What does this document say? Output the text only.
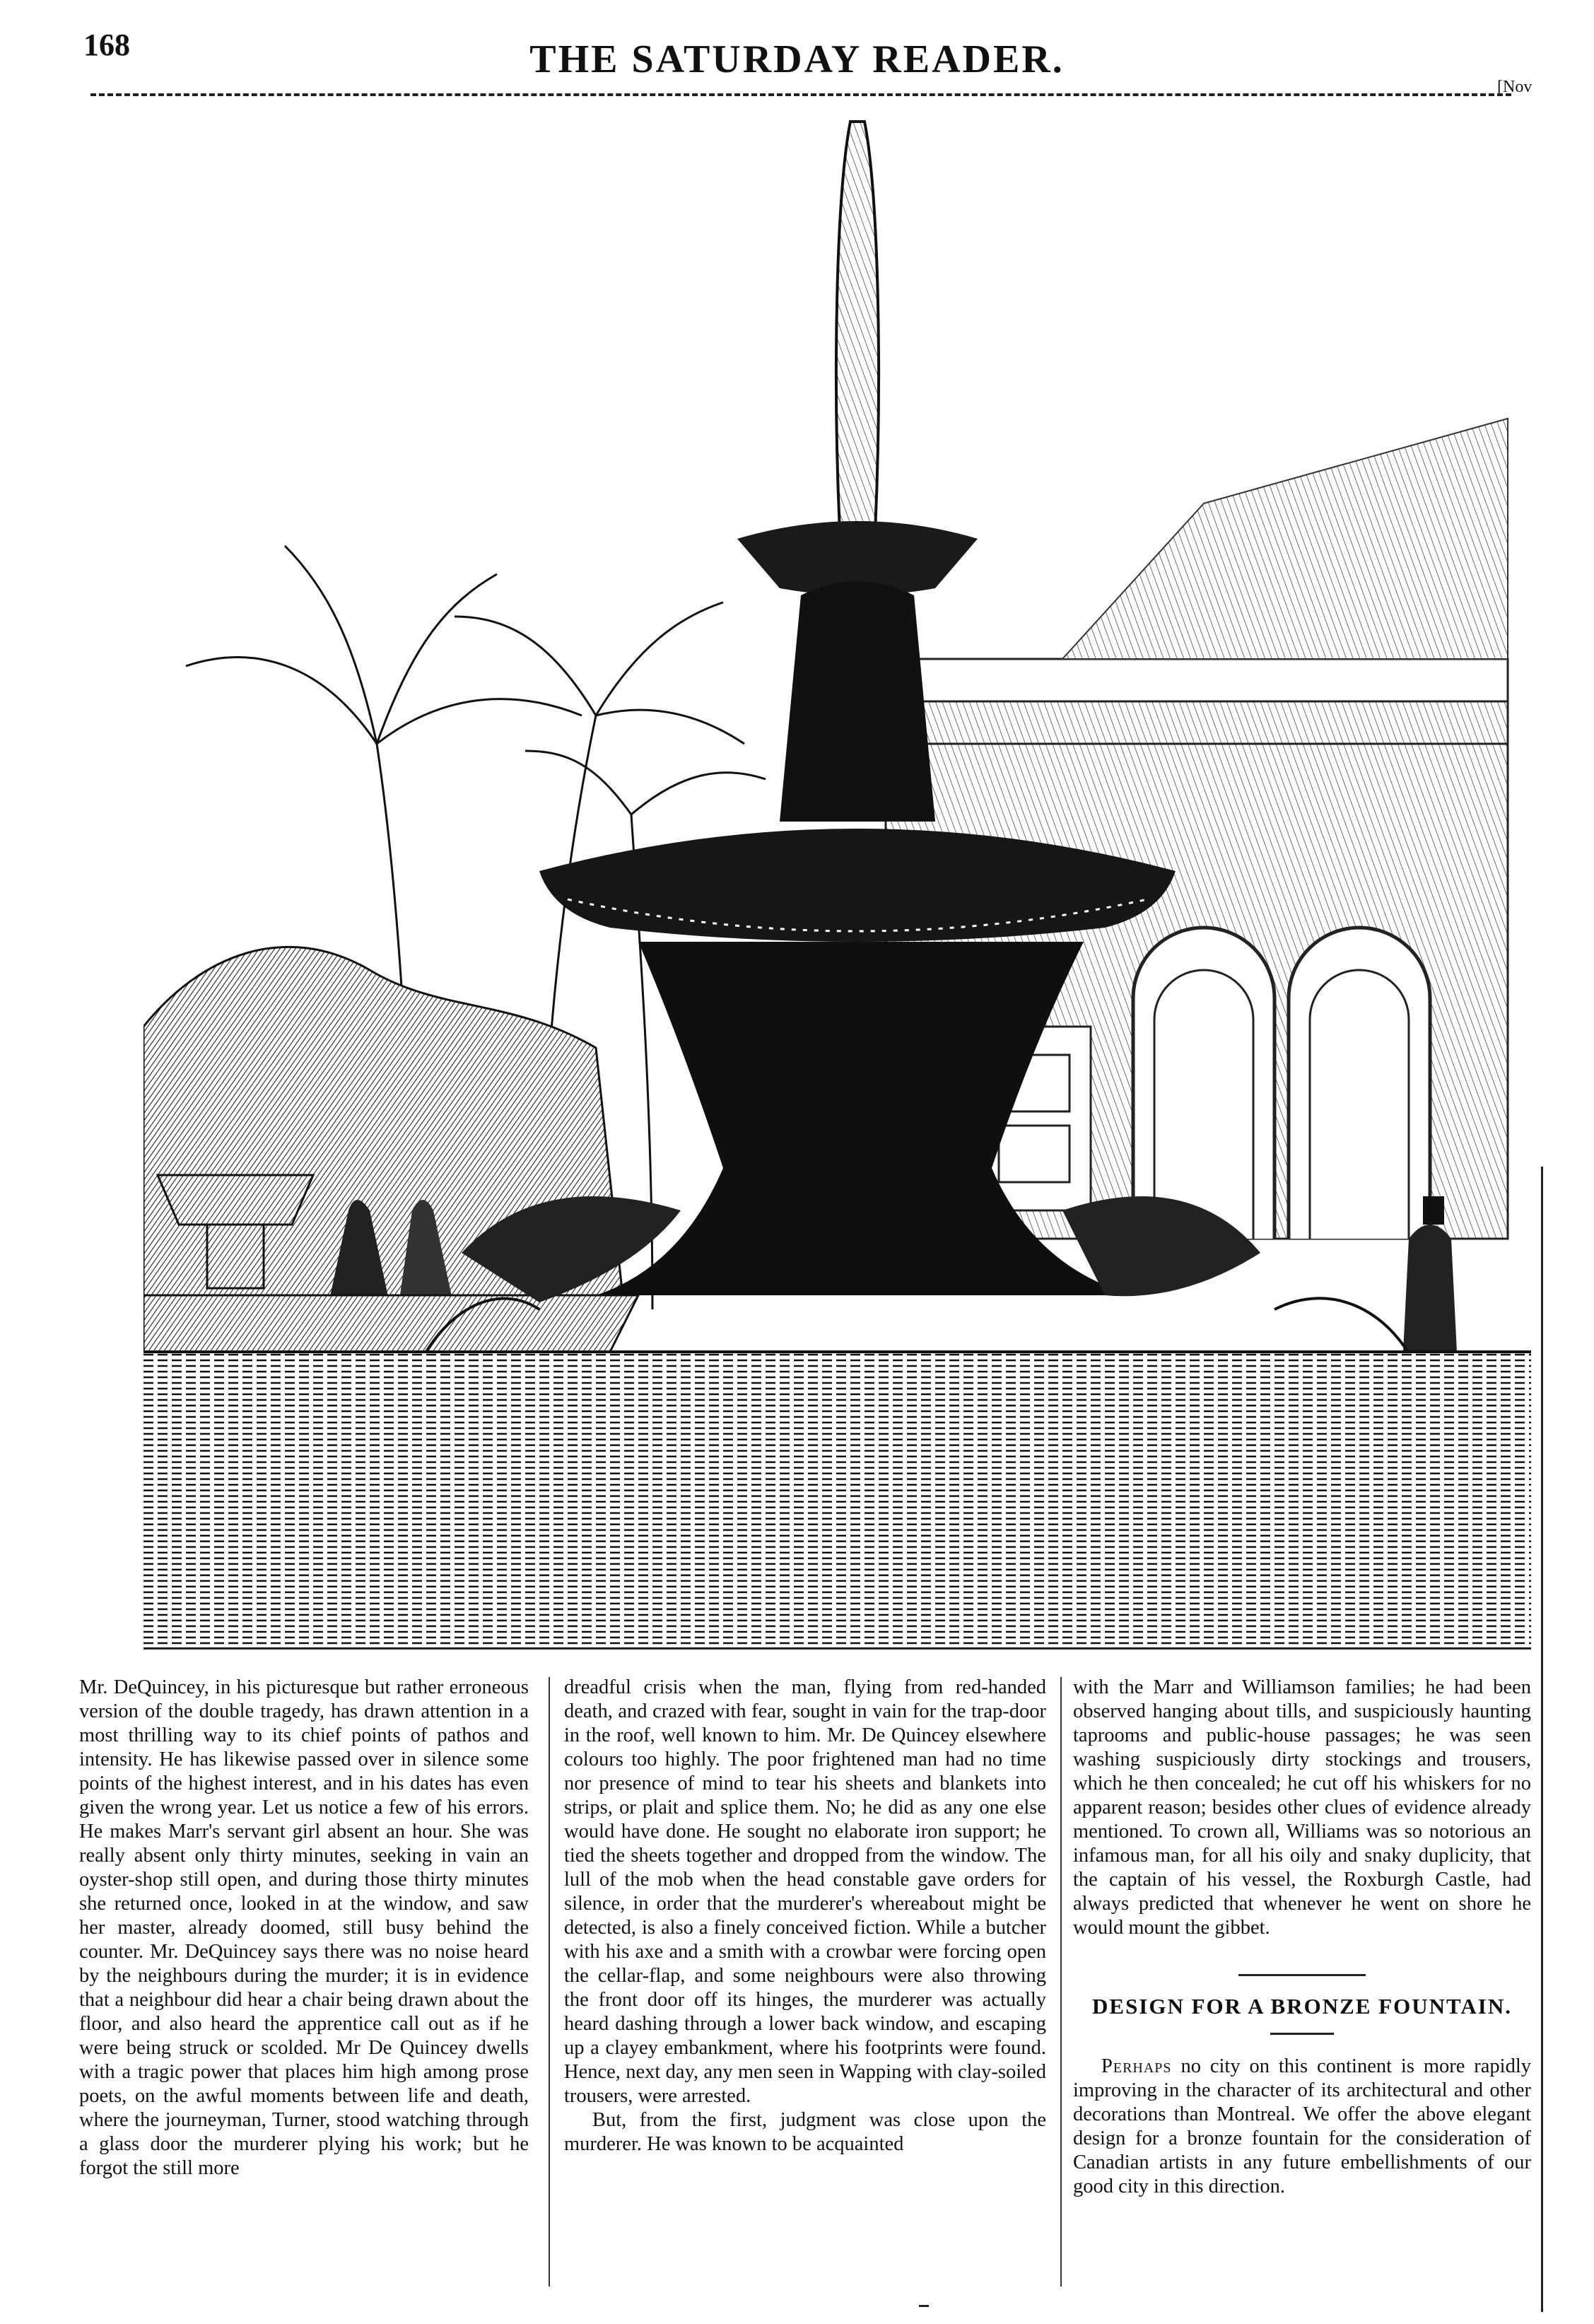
168	THE SATURDAY READER.
[Nov

Mr. DeQuincey, in his picturesque but rather erroneous version of the double tragedy, has drawn attention in a most thrilling way to its chief points of pathos and intensity. He has likewise passed over in silence some points of the highest interest, and in his dates has even given the wrong year. Let us notice a few of his errors. He makes Marr's servant girl absent an hour. She was really absent only thirty minutes, seeking in vain an oyster-shop still open, and during those thirty minutes she returned once, looked in at the window, and saw her master, already doomed, still busy behind the counter. Mr. DeQuincey says there was no noise heard by the neighbours during the murder; it is in evidence that a neighbour did hear a chair being drawn about the floor, and also heard the apprentice call out as if he were being struck or scolded. Mr De Quincey dwells with a tragic power that places him high among prose poets, on the awful moments between life and death, where the journeyman, Turner, stood watching through a glass door the murderer plying his work; but he forgot the still more

dreadful crisis when the man, flying from red-handed death, and crazed with fear, sought in vain for the trap-door in the roof, well known to him. Mr. De Quincey elsewhere colours too highly. The poor frightened man had no time nor presence of mind to tear his sheets and blankets into strips, or plait and splice them. No; he did as any one else would have done. He sought no elaborate iron support; he tied the sheets together and dropped from the window. The lull of the mob when the head constable gave orders for silence, in order that the murderer's whereabout might be detected, is also a finely conceived fiction. While a butcher with his axe and a smith with a crowbar were forcing open the cellar-flap, and some neighbours were also throwing the front door off its hinges, the murderer was actually heard dashing through a lower back window, and escaping up a clayey embankment, where his footprints were found. Hence, next day, any men seen in Wapping with clay-soiled trousers, were arrested.

But, from the first, judgment was close upon the murderer. He was known to be acquainted

with the Marr and Williamson families; he had been observed hanging about tills, and suspiciously haunting taprooms and public-house passages; he was seen washing suspiciously dirty stockings and trousers, which he then concealed; he cut off his whiskers for no apparent reason; besides other clues of evidence already mentioned. To crown all, Williams was so notorious an infamous man, for all his oily and snaky duplicity, that the captain of his vessel, the Roxburgh Castle, had always predicted that whenever he went on shore he would mount the gibbet.

DESIGN FOR A BRONZE FOUNTAIN.

Perhaps no city on this continent is more rapidly improving in the character of its architectural and other decorations than Montreal. We offer the above elegant design for a bronze fountain for the consideration of Canadian artists in any future embellishments of our good city in this direction.
